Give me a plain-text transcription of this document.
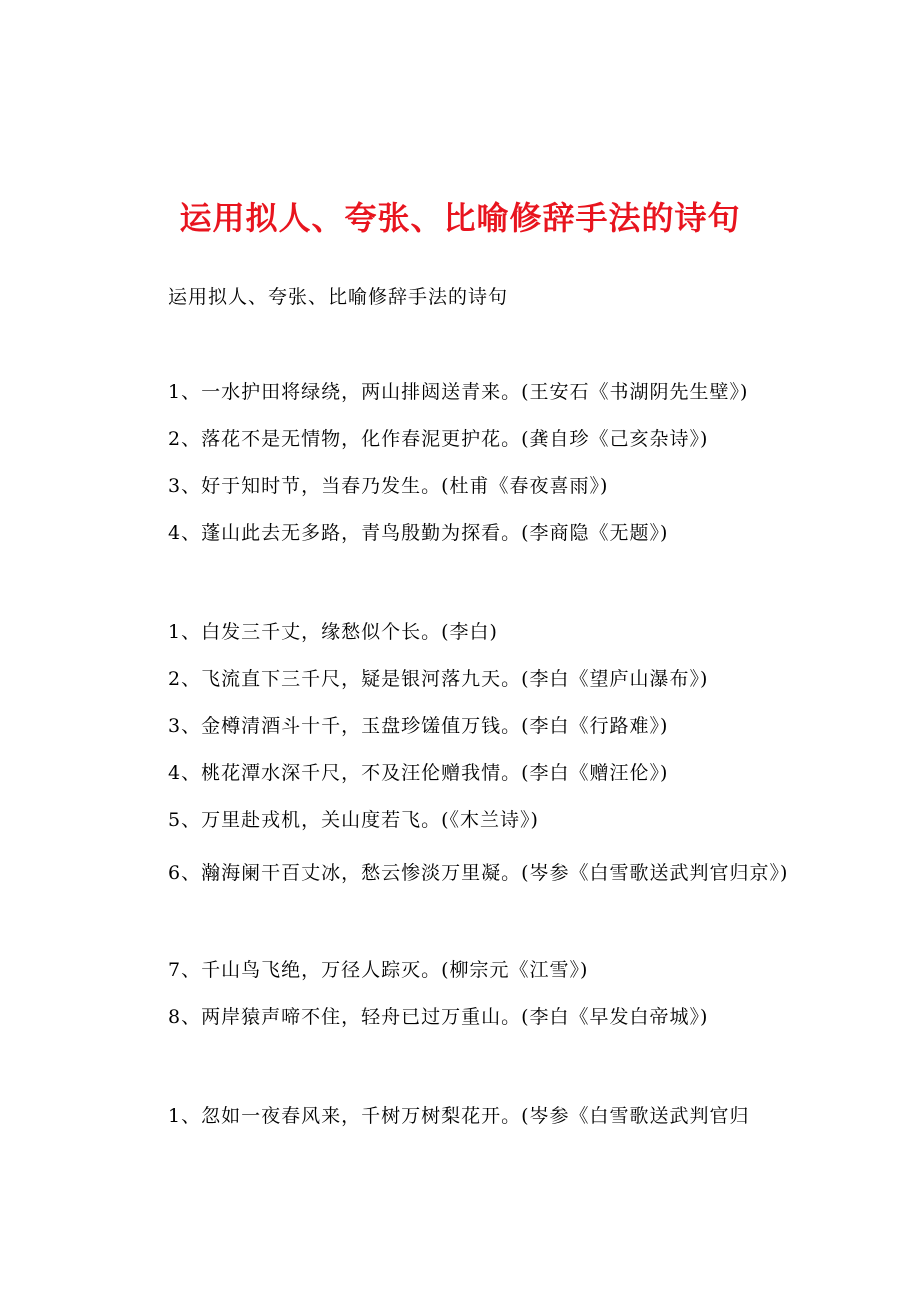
运用拟人、夸张、比喻修辞手法的诗句

运用拟人、夸张、比喻修辞手法的诗句

1、一水护田将绿绕，两山排闼送青来。(王安石《书湖阴先生壁》)

2、落花不是无情物，化作春泥更护花。(龚自珍《己亥杂诗》)

3、好于知时节，当春乃发生。(杜甫《春夜喜雨》)

4、蓬山此去无多路，青鸟殷勤为探看。(李商隐《无题》)

1、白发三千丈，缘愁似个长。(李白)

2、飞流直下三千尺，疑是银河落九天。(李白《望庐山瀑布》)

3、金樽清酒斗十千，玉盘珍馐值万钱。(李白《行路难》)

4、桃花潭水深千尺，不及汪伦赠我情。(李白《赠汪伦》)

5、万里赴戎机，关山度若飞。(《木兰诗》)

6、瀚海阑干百丈冰，愁云惨淡万里凝。(岑参《白雪歌送武判官归京》)

7、千山鸟飞绝，万径人踪灭。(柳宗元《江雪》)

8、两岸猿声啼不住，轻舟已过万重山。(李白《早发白帝城》)

1、忽如一夜春风来，千树万树梨花开。(岑参《白雪歌送武判官归
